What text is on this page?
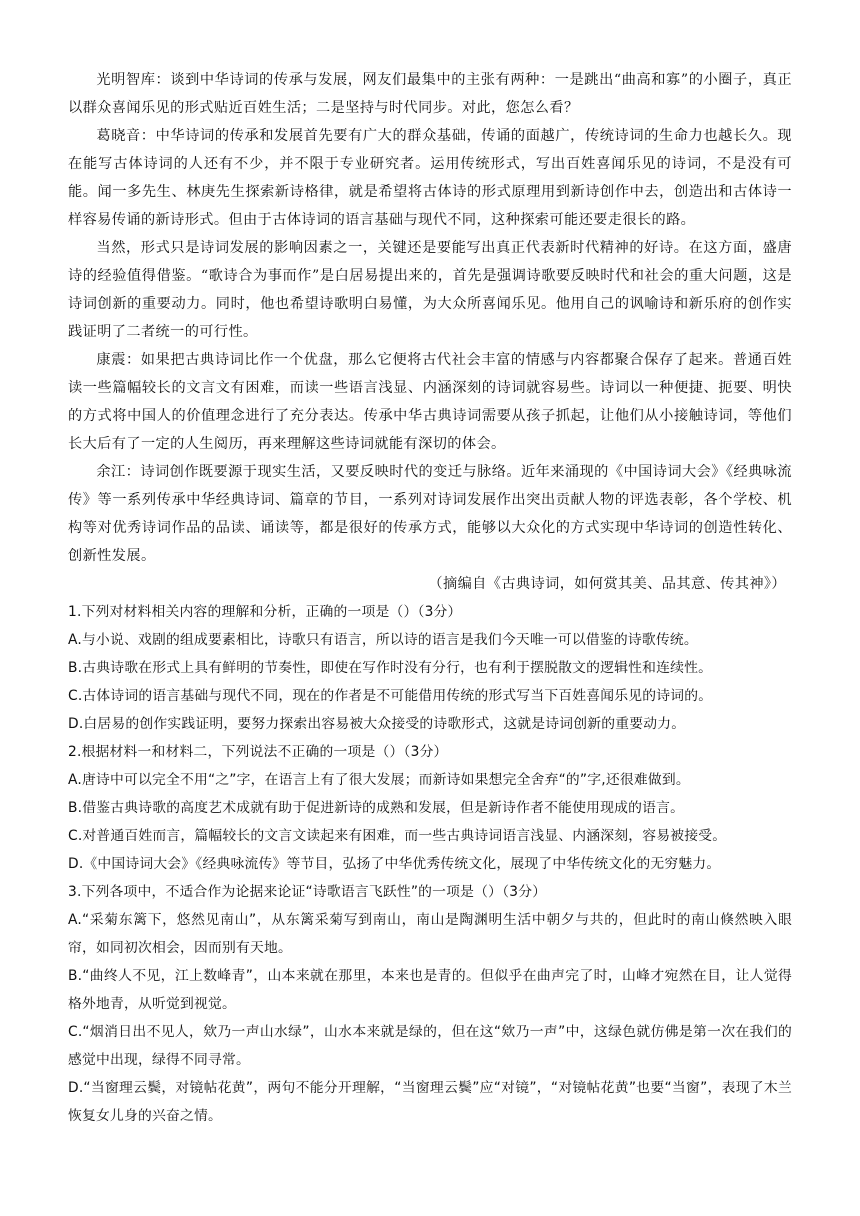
光明智库：谈到中华诗词的传承与发展，网友们最集中的主张有两种：一是跳出“曲高和寡”的小圈子，真正以群众喜闻乐见的形式贴近百姓生活；二是坚持与时代同步。对此，您怎么看？

葛晓音：中华诗词的传承和发展首先要有广大的群众基础，传诵的面越广，传统诗词的生命力也越长久。现在能写古体诗词的人还有不少，并不限于专业研究者。运用传统形式，写出百姓喜闻乐见的诗词，不是没有可能。闻一多先生、林庚先生探索新诗格律，就是希望将古体诗的形式原理用到新诗创作中去，创造出和古体诗一样容易传诵的新诗形式。但由于古体诗词的语言基础与现代不同，这种探索可能还要走很长的路。

当然，形式只是诗词发展的影响因素之一，关键还是要能写出真正代表新时代精神的好诗。在这方面，盛唐诗的经验值得借鉴。“歌诗合为事而作”是白居易提出来的，首先是强调诗歌要反映时代和社会的重大问题，这是诗词创新的重要动力。同时，他也希望诗歌明白易懂，为大众所喜闻乐见。他用自己的讽喻诗和新乐府的创作实践证明了二者统一的可行性。

康震：如果把古典诗词比作一个优盘，那么它便将古代社会丰富的情感与内容都聚合保存了起来。普通百姓读一些篇幅较长的文言文有困难，而读一些语言浅显、内涵深刻的诗词就容易些。诗词以一种便捷、扼要、明快的方式将中国人的价值理念进行了充分表达。传承中华古典诗词需要从孩子抓起，让他们从小接触诗词，等他们长大后有了一定的人生阅历，再来理解这些诗词就能有深切的体会。

余江：诗词创作既要源于现实生活，又要反映时代的变迁与脉络。近年来涌现的《中国诗词大会》《经典咏流传》等一系列传承中华经典诗词、篇章的节目，一系列对诗词发展作出突出贡献人物的评选表彰，各个学校、机构等对优秀诗词作品的品读、诵读等，都是很好的传承方式，能够以大众化的方式实现中华诗词的创造性转化、创新性发展。

（摘编自《古典诗词，如何赏其美、品其意、传其神》）

1.下列对材料相关内容的理解和分析，正确的一项是（）（3分）

A.与小说、戏剧的组成要素相比，诗歌只有语言，所以诗的语言是我们今天唯一可以借鉴的诗歌传统。

B.古典诗歌在形式上具有鲜明的节奏性，即使在写作时没有分行，也有利于摆脱散文的逻辑性和连续性。

C.古体诗词的语言基础与现代不同，现在的作者是不可能借用传统的形式写当下百姓喜闻乐见的诗词的。

D.白居易的创作实践证明，要努力探索出容易被大众接受的诗歌形式，这就是诗词创新的重要动力。

2.根据材料一和材料二，下列说法不正确的一项是（）（3分）

A.唐诗中可以完全不用“之”字，在语言上有了很大发展；而新诗如果想完全舍弃“的”字,还很难做到。

B.借鉴古典诗歌的高度艺术成就有助于促进新诗的成熟和发展，但是新诗作者不能使用现成的语言。

C.对普通百姓而言，篇幅较长的文言文读起来有困难，而一些古典诗词语言浅显、内涵深刻，容易被接受。

D.《中国诗词大会》《经典咏流传》等节目，弘扬了中华优秀传统文化，展现了中华传统文化的无穷魅力。

3.下列各项中，不适合作为论据来论证“诗歌语言飞跃性”的一项是（）（3分）

A.“采菊东篱下，悠然见南山”，从东篱采菊写到南山，南山是陶渊明生活中朝夕与共的，但此时的南山倏然映入眼帘，如同初次相会，因而别有天地。

B.“曲终人不见，江上数峰青”，山本来就在那里，本来也是青的。但似乎在曲声完了时，山峰才宛然在目，让人觉得格外地青，从听觉到视觉。

C.“烟消日出不见人，欸乃一声山水绿”，山水本来就是绿的，但在这“欸乃一声”中，这绿色就仿佛是第一次在我们的感觉中出现，绿得不同寻常。

D.“当窗理云鬓，对镜帖花黄”，两句不能分开理解，“当窗理云鬓”应“对镜”，“对镜帖花黄”也要“当窗”，表现了木兰恢复女儿身的兴奋之情。
